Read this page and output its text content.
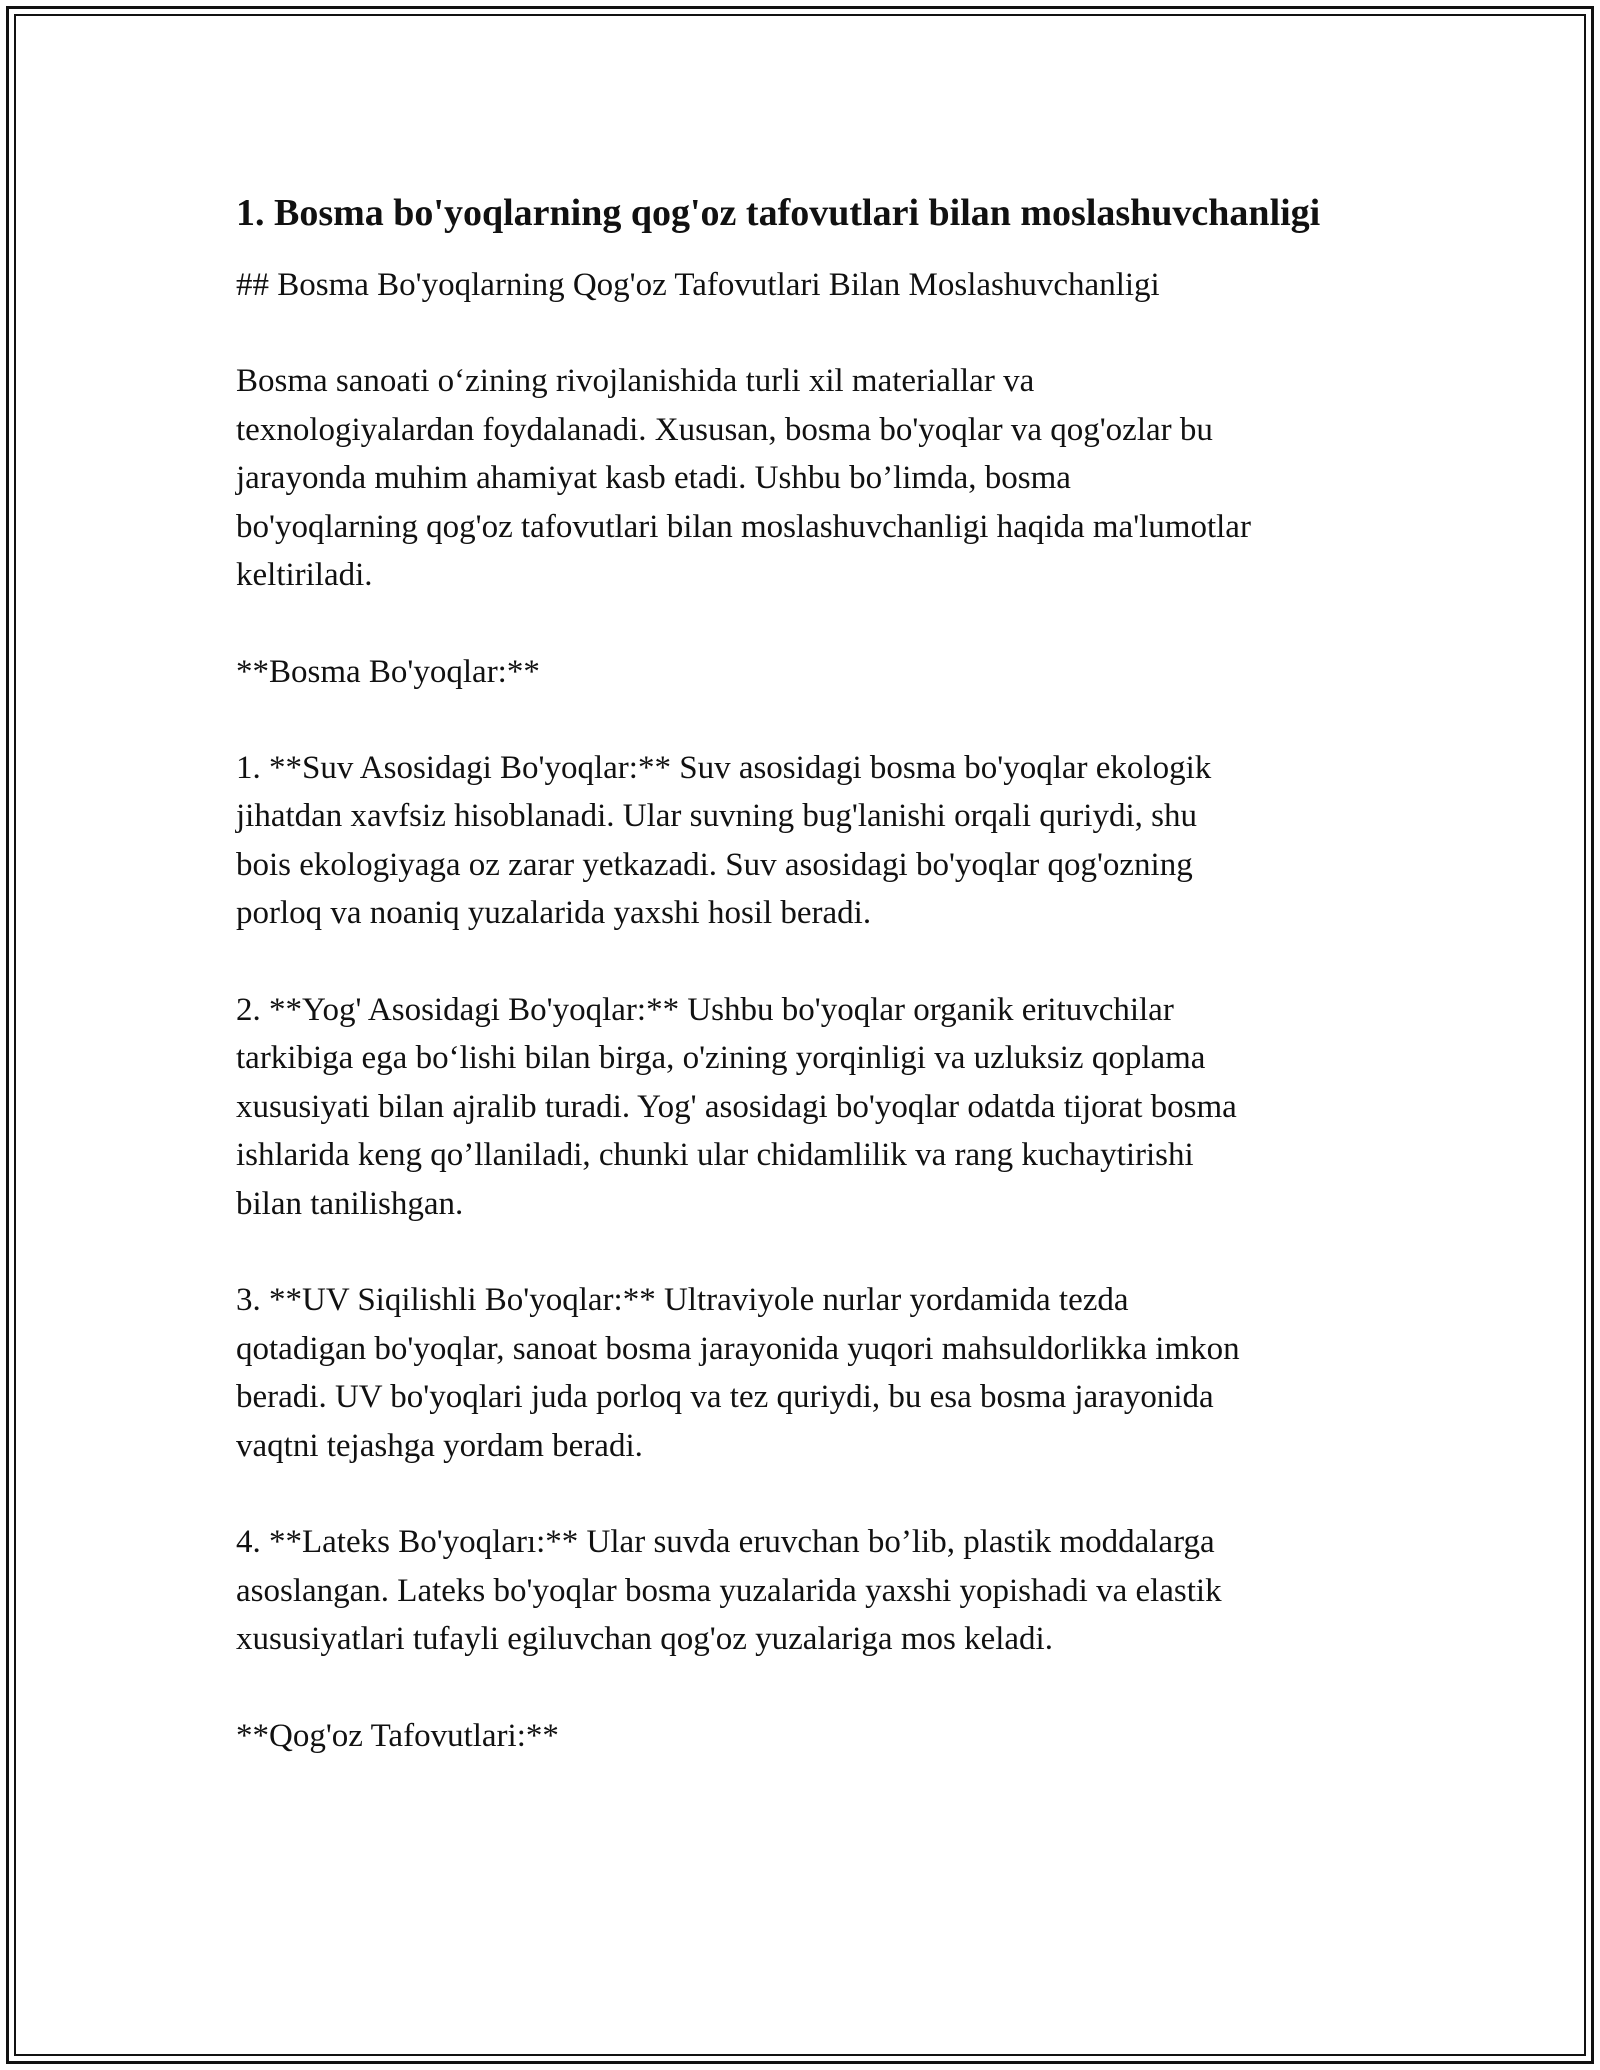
1. Bosma bo'yoqlarning qog'oz tafovutlari bilan moslashuvchanligi
## Bosma Bo'yoqlarning Qog'oz Tafovutlari Bilan Moslashuvchanligi
Bosma sanoati o‘zining rivojlanishida turli xil materiallar va
texnologiyalardan foydalanadi. Xususan, bosma bo'yoqlar va qog'ozlar bu
jarayonda muhim ahamiyat kasb etadi. Ushbu bo’limda, bosma
bo'yoqlarning qog'oz tafovutlari bilan moslashuvchanligi haqida ma'lumotlar
keltiriladi.
**Bosma Bo'yoqlar:**
1. **Suv Asosidagi Bo'yoqlar:** Suv asosidagi bosma bo'yoqlar ekologik
jihatdan xavfsiz hisoblanadi. Ular suvning bug'lanishi orqali quriydi, shu
bois ekologiyaga oz zarar yetkazadi. Suv asosidagi bo'yoqlar qog'ozning
porloq va noaniq yuzalarida yaxshi hosil beradi.
2. **Yog' Asosidagi Bo'yoqlar:** Ushbu bo'yoqlar organik erituvchilar
tarkibiga ega bo‘lishi bilan birga, o'zining yorqinligi va uzluksiz qoplama
xususiyati bilan ajralib turadi. Yog' asosidagi bo'yoqlar odatda tijorat bosma
ishlarida keng qo’llaniladi, chunki ular chidamlilik va rang kuchaytirishi
bilan tanilishgan.
3. **UV Siqilishli Bo'yoqlar:** Ultraviyole nurlar yordamida tezda
qotadigan bo'yoqlar, sanoat bosma jarayonida yuqori mahsuldorlikka imkon
beradi. UV bo'yoqlari juda porloq va tez quriydi, bu esa bosma jarayonida
vaqtni tejashga yordam beradi.
4. **Lateks Bo'yoqları:** Ular suvda eruvchan bo’lib, plastik moddalarga
asoslangan. Lateks bo'yoqlar bosma yuzalarida yaxshi yopishadi va elastik
xususiyatlari tufayli egiluvchan qog'oz yuzalariga mos keladi.
**Qog'oz Tafovutlari:**
